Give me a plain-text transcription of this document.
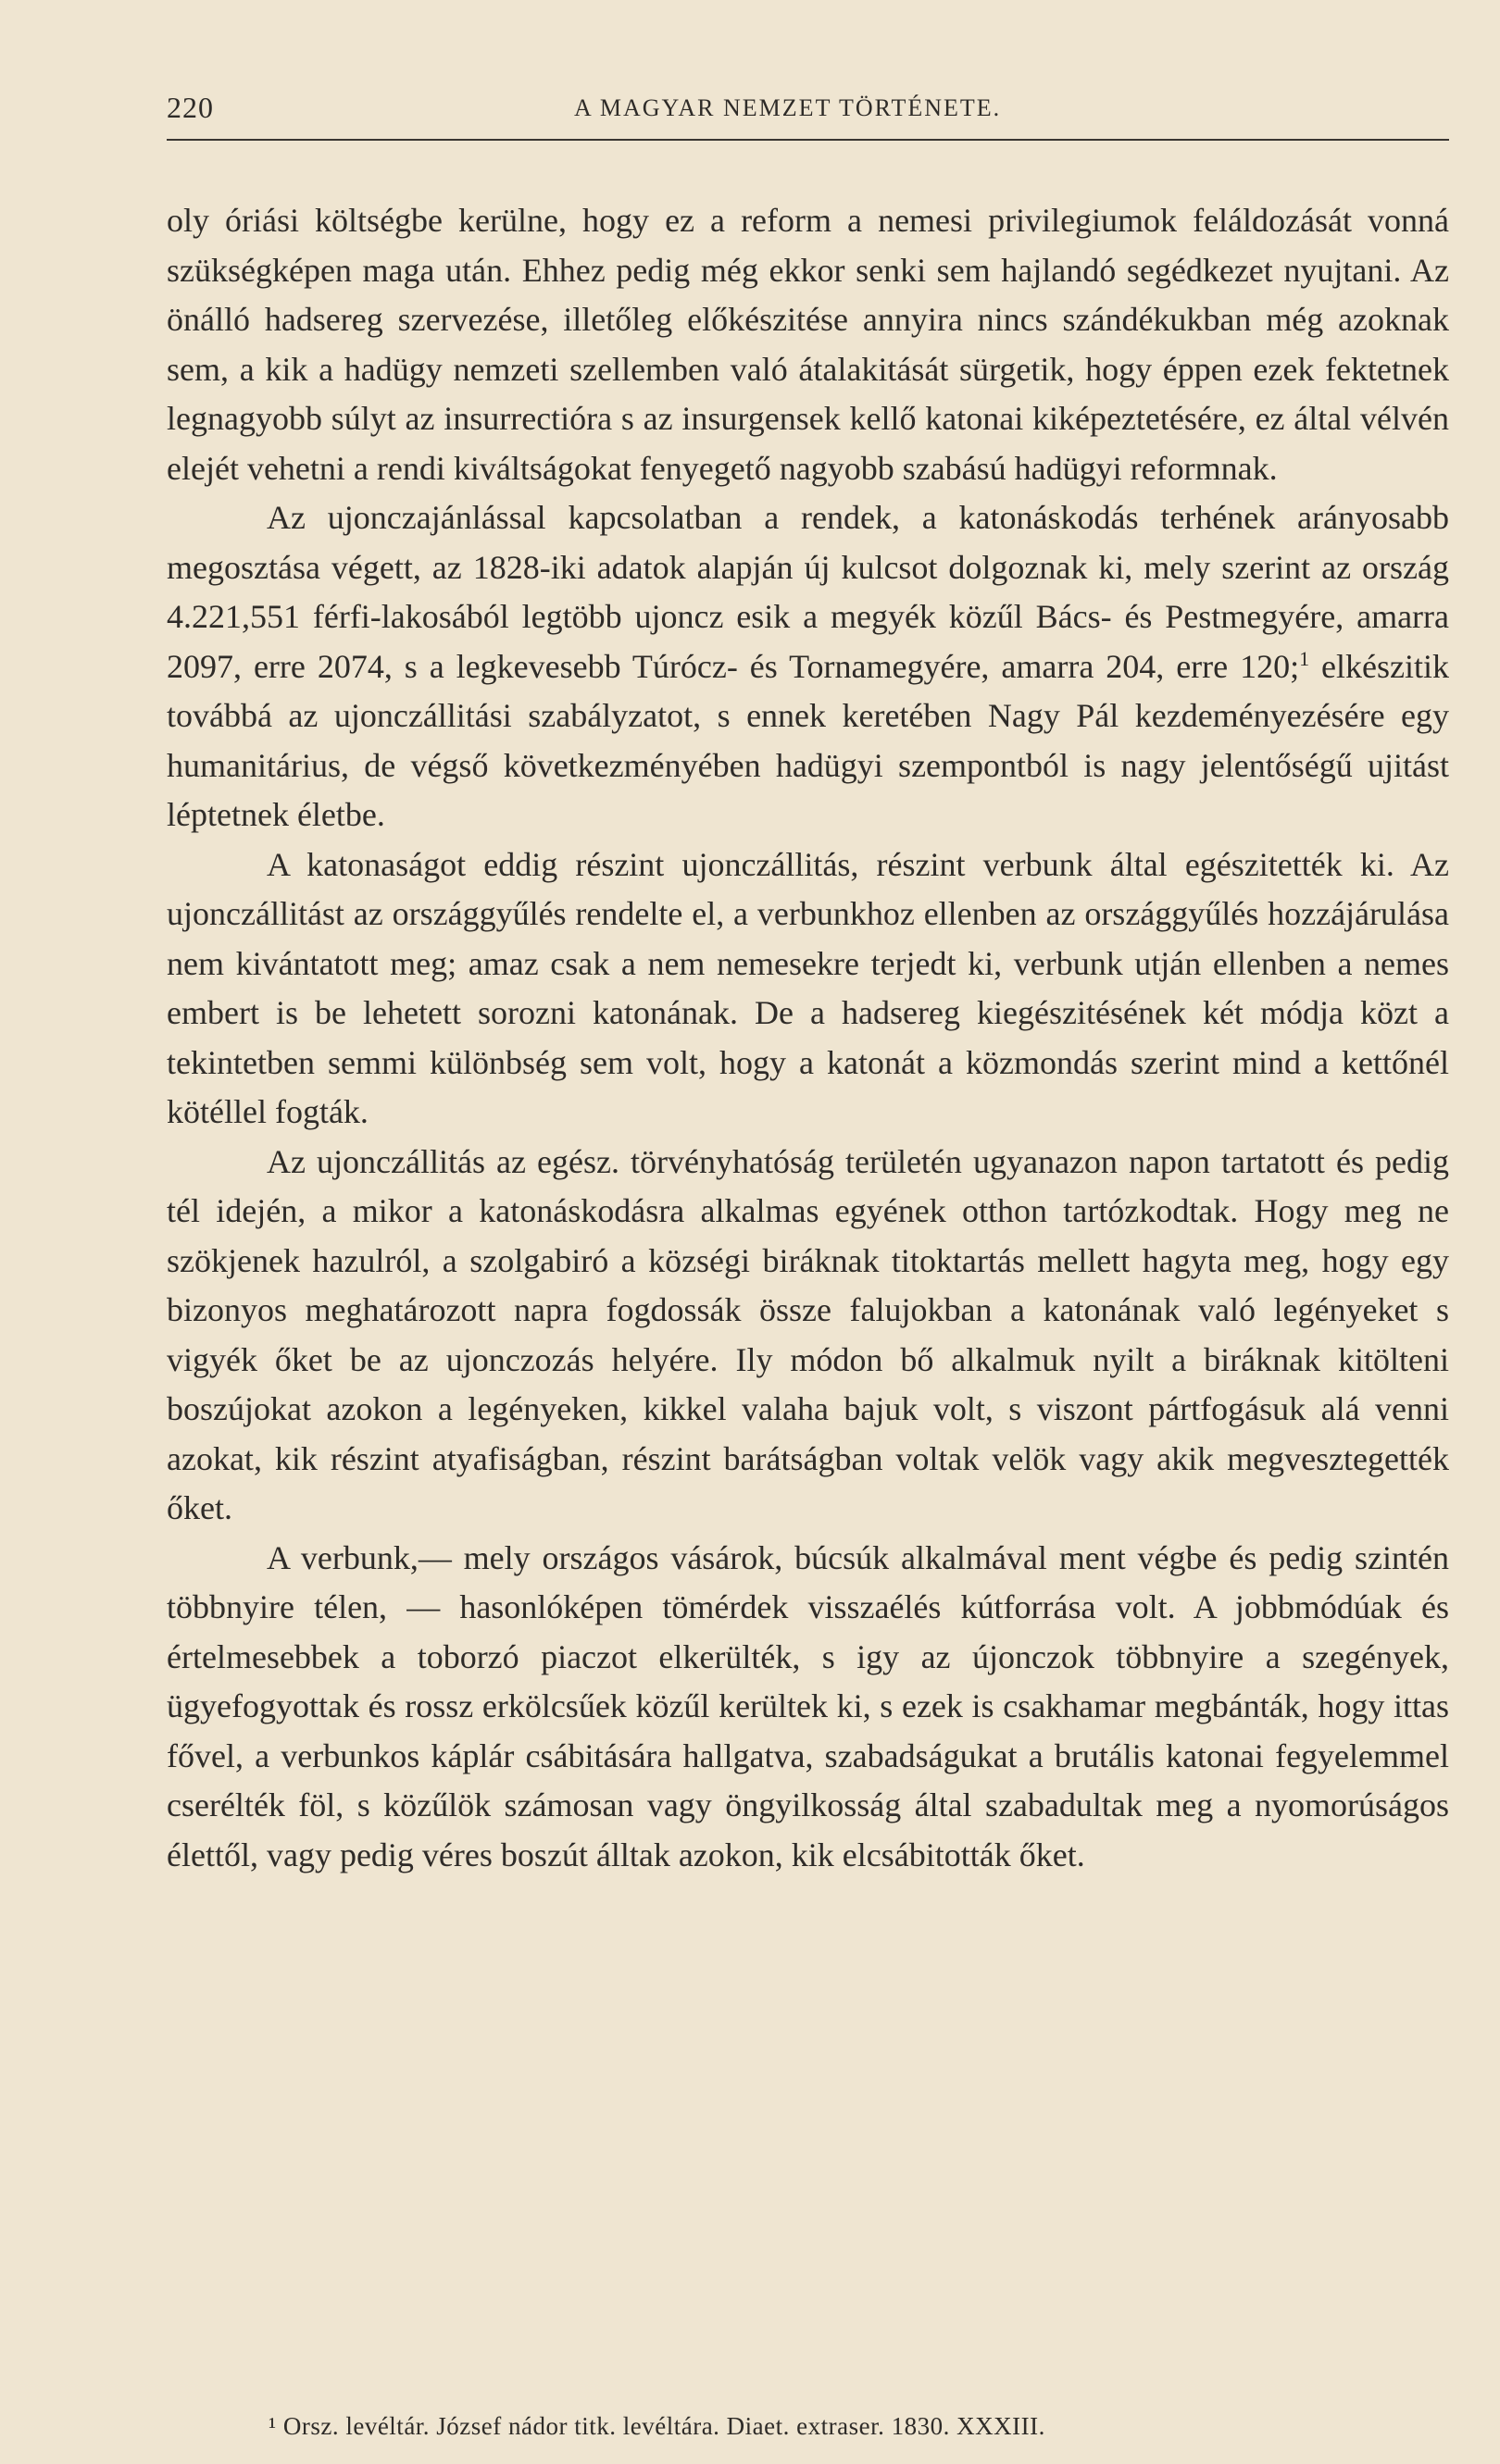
220	A MAGYAR NEMZET TÖRTÉNETE.

oly óriási költségbe kerülne, hogy ez a reform a nemesi privilegiumok feláldozását vonná szükségképen maga után. Ehhez pedig még ekkor senki sem hajlandó segédkezet nyujtani. Az önálló hadsereg szervezése, illetőleg előkészitése annyira nincs szándékukban még azoknak sem, a kik a hadügy nemzeti szellemben való átalakitását sürgetik, hogy éppen ezek fektetnek legnagyobb súlyt az insurrectióra s az insurgensek kellő katonai kiképeztetésére, ez által vélvén elejét vehetni a rendi kiváltságokat fenyegető nagyobb szabású hadügyi reformnak.

Az ujonczajánlással kapcsolatban a rendek, a katonáskodás terhének arányosabb megosztása végett, az 1828-iki adatok alapján új kulcsot dolgoznak ki, mely szerint az ország 4.221,551 férfi-lakosából legtöbb ujoncz esik a megyék közűl Bács- és Pestmegyére, amarra 2097, erre 2074, s a legkevesebb Túrócz- és Tornamegyére, amarra 204, erre 120;$^1$ elkészitik továbbá az ujonczállitási szabályzatot, s ennek keretében Nagy Pál kezdeményezésére egy humanitárius, de végső következményében hadügyi szempontból is nagy jelentőségű ujitást léptetnek életbe.

A katonaságot eddig részint ujonczállitás, részint verbunk által egészitették ki. Az ujonczállitást az országgyűlés rendelte el, a verbunkhoz ellenben az országgyűlés hozzájárulása nem kivántatott meg; amaz csak a nem nemesekre terjedt ki, verbunk utján ellenben a nemes embert is be lehetett sorozni katonának. De a hadsereg kiegészitésének két módja közt a tekintetben semmi különbség sem volt, hogy a katonát a közmondás szerint mind a kettőnél kötéllel fogták.

Az ujonczállitás az egész. törvényhatóság területén ugyanazon napon tartatott és pedig tél idején, a mikor a katonáskodásra alkalmas egyének otthon tartózkodtak. Hogy meg ne szökjenek hazulról, a szolgabiró a községi biráknak titoktartás mellett hagyta meg, hogy egy bizonyos meghatározott napra fogdossák össze falujokban a katonának való legényeket s vigyék őket be az ujonczozás helyére. Ily módon bő alkalmuk nyilt a biráknak kitölteni boszújokat azokon a legényeken, kikkel valaha bajuk volt, s viszont pártfogásuk alá venni azokat, kik részint atyafiságban, részint barátságban voltak velök vagy akik megvesztegették őket.

A verbunk,— mely országos vásárok, búcsúk alkalmával ment végbe és pedig szintén többnyire télen, — hasonlóképen tömérdek visszaélés kútforrása volt. A jobbmódúak és értelmesebbek a toborzó piaczot elkerülték, s igy az újonczok többnyire a szegények, ügyefogyottak és rossz erkölcsűek közűl kerültek ki, s ezek is csakhamar megbánták, hogy ittas fővel, a verbunkos káplár csábitására hallgatva, szabadságukat a brutális katonai fegyelemmel cserélték föl, s közűlök számosan vagy öngyilkosság által szabadultak meg a nyomorúságos élettől, vagy pedig véres boszút álltak azokon, kik elcsábitották őket.

¹ Orsz. levéltár. József nádor titk. levéltára. Diaet. extraser. 1830. XXXIII.
